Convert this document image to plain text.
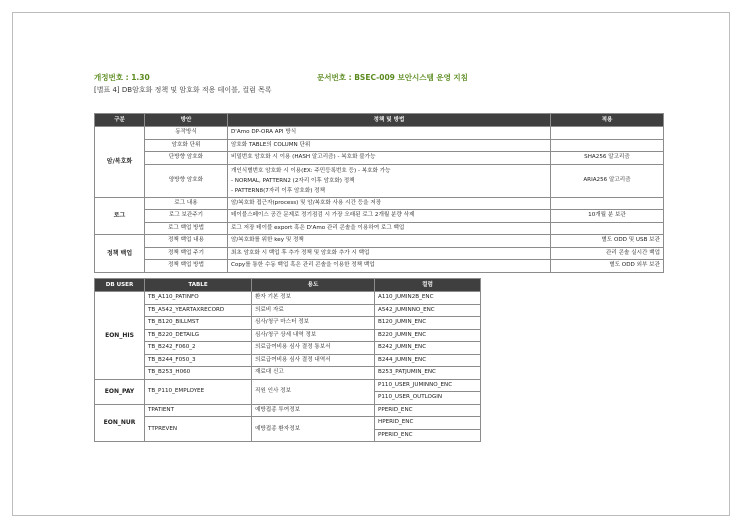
개정번호 : 1.30	문서번호 : BSEC-009 보안시스템 운영 지침
[별표 4] DB암호화 정책 및 암호화 적용 테이블, 컬럼 목록
구분	방안	정책 및 방법	적용
암/복호화	동작방식	D'Amo DP-ORA API 방식	
	암호화 단위	암호화 TABLE의 COLUMN 단위	
	단방향 암호화	비밀번호 암호화 시 이용 (HASH 알고리즘) - 복호화 불가능	SHA256 알고리즘
	양방향 암호화	개인식별번호 암호화 시 이용(EX: 주민등록번호 등) - 복호화 가능
- NORMAL, PATTERN2 (2자리 이후 암호화) 정책
- PATTERN8(7자리 이후 암호화) 정책	ARIA256 알고리즘
로그	로그 내용	암/복호화 접근자(process) 및 암/복호화 사용 시간 등을 저장	
	로그 보관주기	테이블스페이스 공간 문제로 정기점검 시 가장 오래된 로그 2개월 분량 삭제	10개월 분 보관
	로그 백업 방법	로그 저장 테이블 export 혹은 D'Amo 관리 콘솔을 이용하여 로그 백업	
정책 백업	정책 백업 내용	암/복호화를 위한 key 및 정책	별도 ODD 및 USB 보관
	정책 백업 주기	최초 암호화 시 백업 후 추가 정책 및 암호화 추가 시 백업	관리 콘솔 실시간 백업
	정책 백업 방법	Copy를 통한 수동 백업 혹은 관리 콘솔을 이용한 정책 백업	별도 ODD 외부 보관
DB USER	TABLE	용도	컬럼
EON_HIS	TB_A110_PATINFO	환자 기본 정보	A110_JUMIN2B_ENC
	TB_A542_YEARTAXRECORD	의료비 자료	A542_JUMINNO_ENC
	TB_B120_BILLMST	심사/청구 마스터 정보	B120_JUMIN_ENC
	TB_B220_DETAILG	심사/청구 상세 내역 정보	B220_JUMIN_ENC
	TB_B242_F060_2	의료급여비용 심사 결정 통보서	B242_JUMIN_ENC
	TB_B244_F050_3	의료급여비용 심사 결정 내역서	B244_JUMIN_ENC
	TB_B253_H060	재료대 신고	B253_PATJUMIN_ENC
EON_PAY	TB_P110_EMPLOYEE	직원 인사 정보	P110_USER_JUMINNO_ENC
			P110_USER_OUTLOGIN
EON_NUR	TPATIENT	예방접종 투여정보	PPERID_ENC
	TTPREVEN	예방접종 환자정보	HPERID_ENC
			PPERID_ENC
